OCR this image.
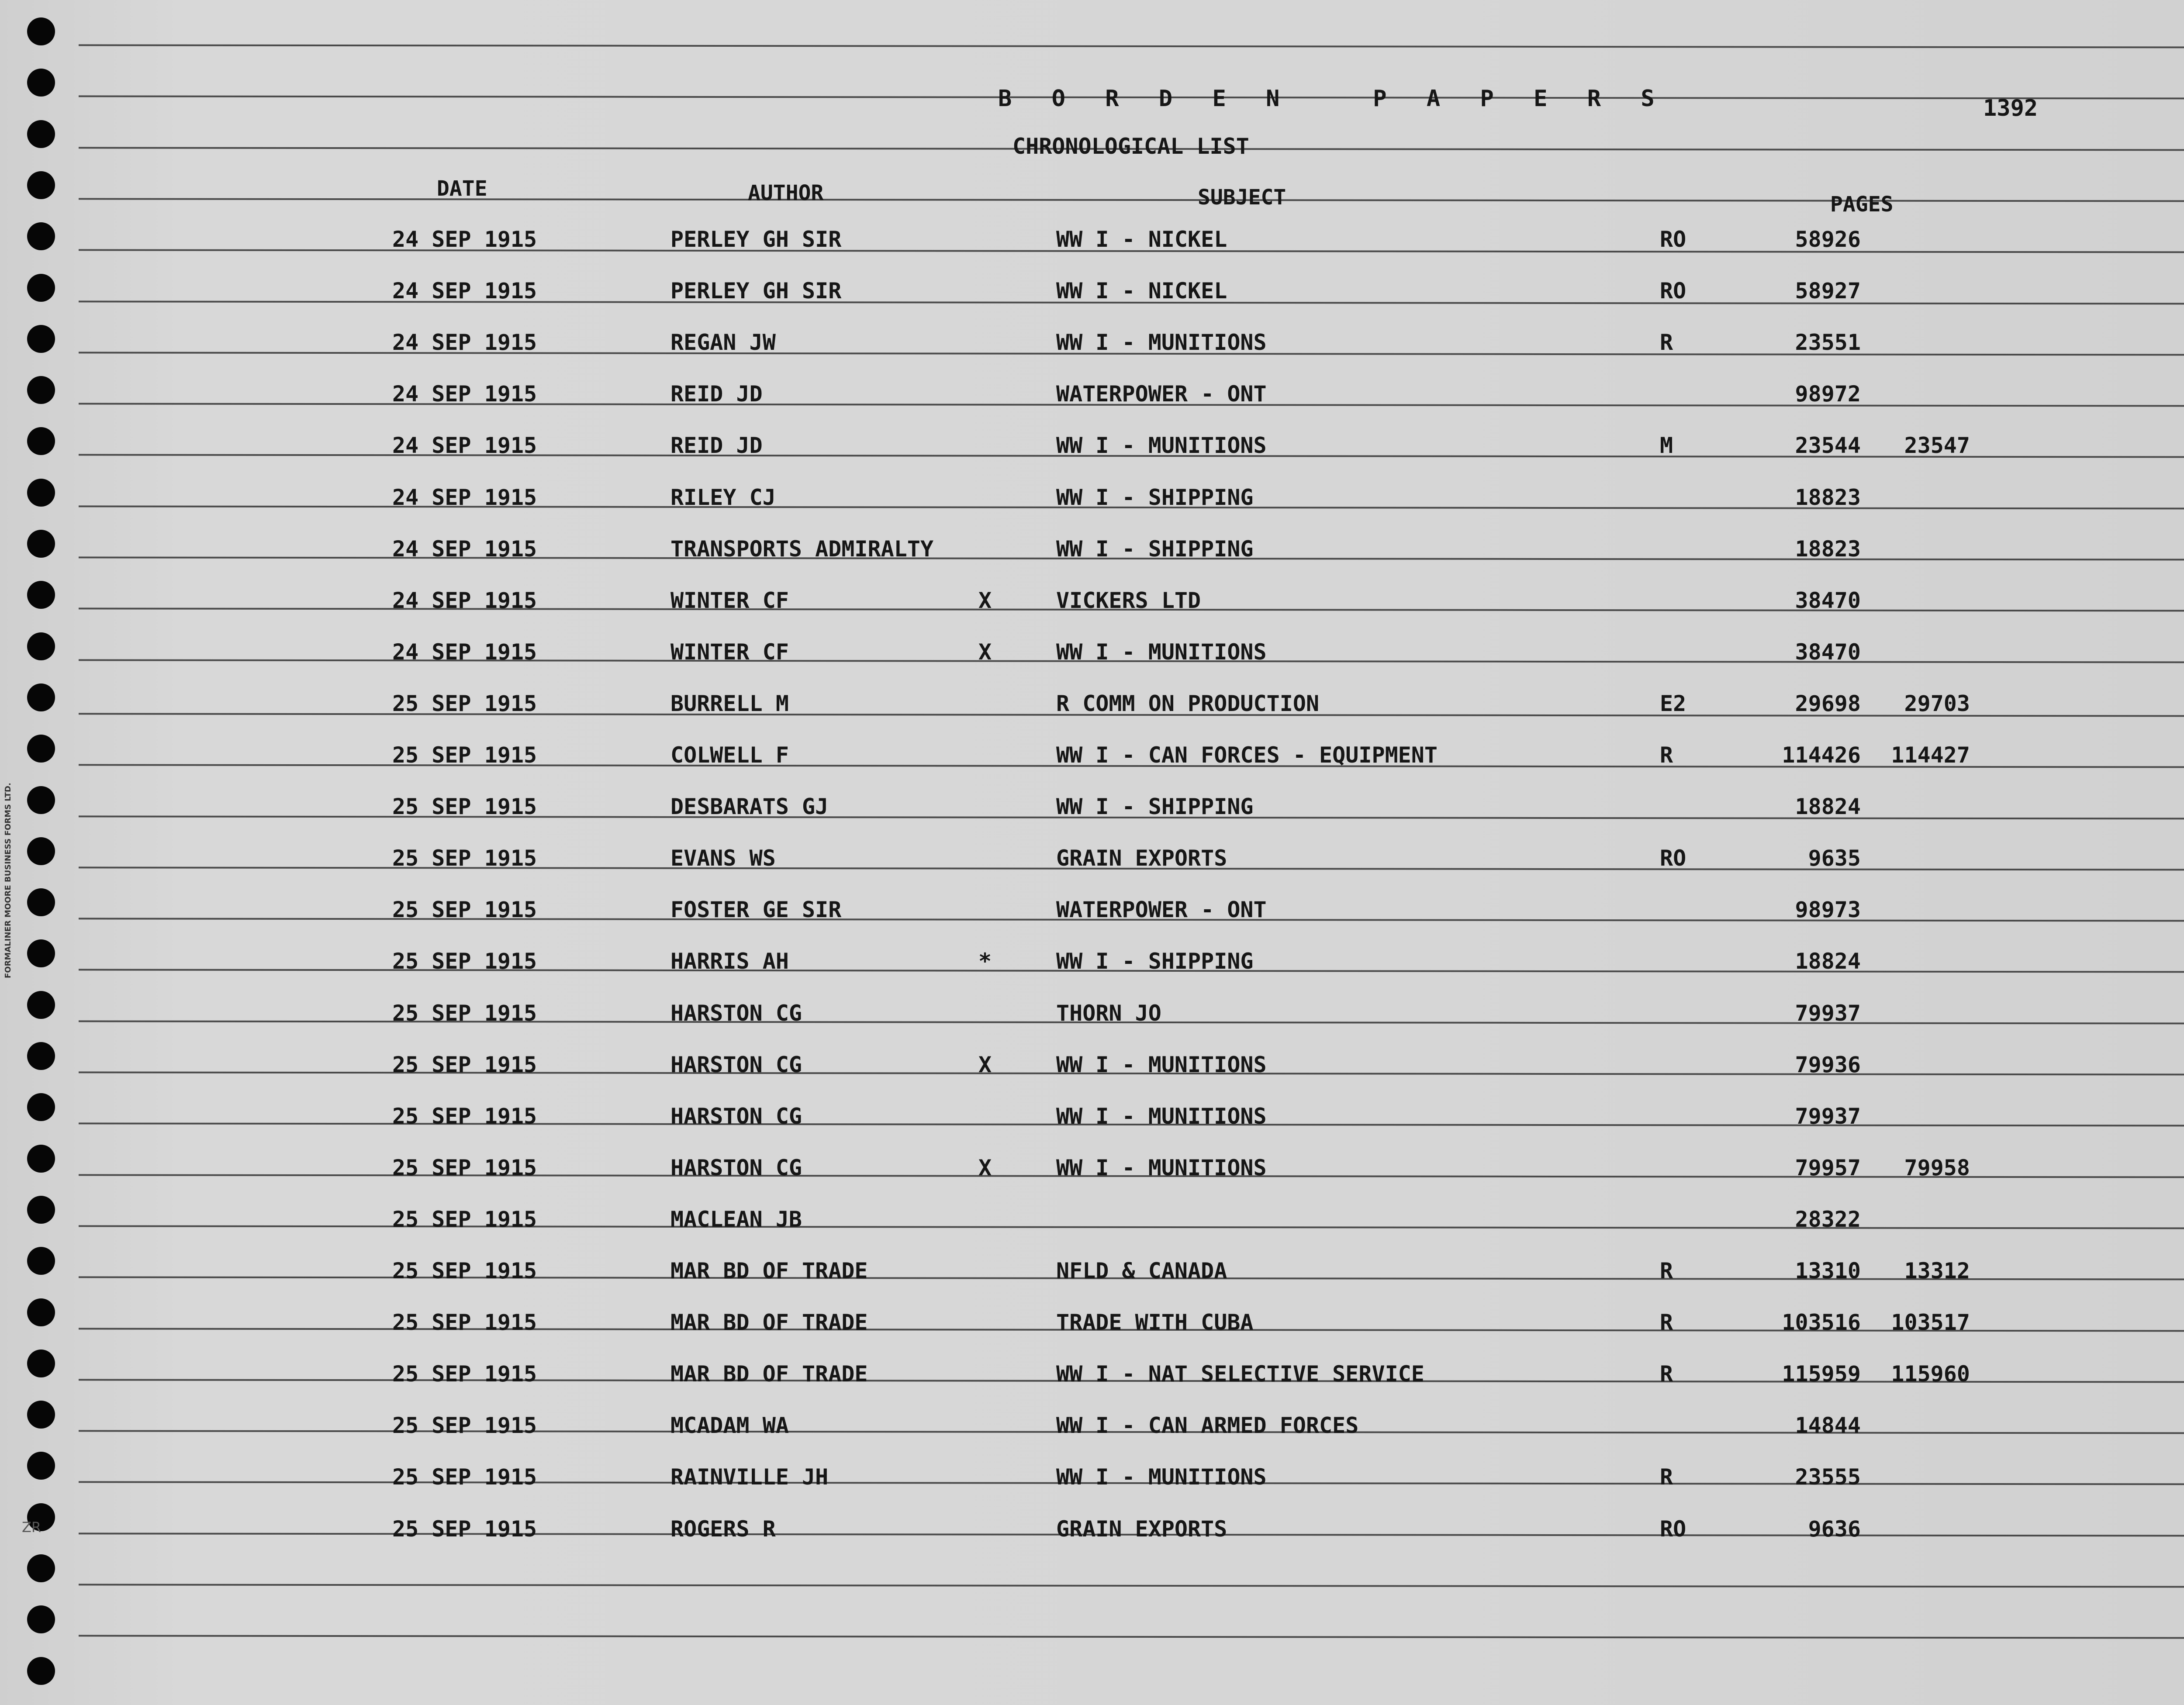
FORMALINER MOORE BUSINESS FORMS LTD.
ZR
B O R D E N   P A P E R S	1392
CHRONOLOGICAL LIST
DATE	AUTHOR	SUBJECT	PAGES
24 SEP 1915	PERLEY GH SIR	WW I - NICKEL	RO	58926
24 SEP 1915	PERLEY GH SIR	WW I - NICKEL	RO	58927
24 SEP 1915	REGAN JW	WW I - MUNITIONS	R	23551
24 SEP 1915	REID JD	WATERPOWER - ONT	98972
24 SEP 1915	REID JD	WW I - MUNITIONS	M	23544	23547
24 SEP 1915	RILEY CJ	WW I - SHIPPING	18823
24 SEP 1915	TRANSPORTS ADMIRALTY	WW I - SHIPPING	18823
24 SEP 1915	WINTER CF	X	VICKERS LTD	38470
24 SEP 1915	WINTER CF	X	WW I - MUNITIONS	38470
25 SEP 1915	BURRELL M	R COMM ON PRODUCTION	E2	29698	29703
25 SEP 1915	COLWELL F	WW I - CAN FORCES - EQUIPMENT	R	114426	114427
25 SEP 1915	DESBARATS GJ	WW I - SHIPPING	18824
25 SEP 1915	EVANS WS	GRAIN EXPORTS	RO	9635
25 SEP 1915	FOSTER GE SIR	WATERPOWER - ONT	98973
25 SEP 1915	HARRIS AH	*	WW I - SHIPPING	18824
25 SEP 1915	HARSTON CG	THORN JO	79937
25 SEP 1915	HARSTON CG	X	WW I - MUNITIONS	79936
25 SEP 1915	HARSTON CG	WW I - MUNITIONS	79937
25 SEP 1915	HARSTON CG	X	WW I - MUNITIONS	79957	79958
25 SEP 1915	MACLEAN JB	28322
25 SEP 1915	MAR BD OF TRADE	NFLD & CANADA	R	13310	13312
25 SEP 1915	MAR BD OF TRADE	TRADE WITH CUBA	R	103516	103517
25 SEP 1915	MAR BD OF TRADE	WW I - NAT SELECTIVE SERVICE	R	115959	115960
25 SEP 1915	MCADAM WA	WW I - CAN ARMED FORCES	14844
25 SEP 1915	RAINVILLE JH	WW I - MUNITIONS	R	23555
25 SEP 1915	ROGERS R	GRAIN EXPORTS	RO	9636
